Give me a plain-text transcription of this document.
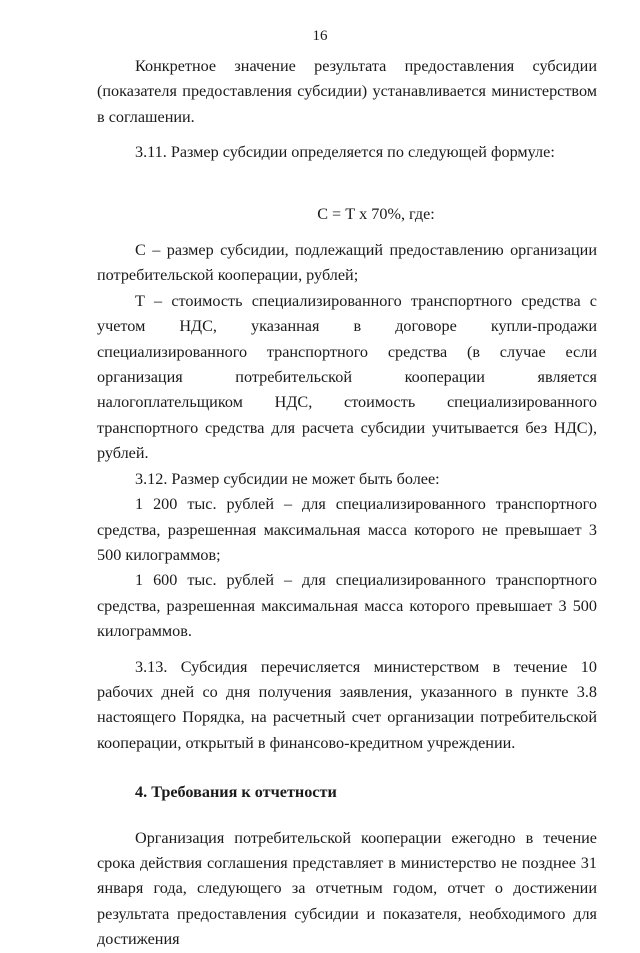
16

Конкретное значение результата предоставления субсидии (показателя предоставления субсидии) устанавливается министерством в соглашении.

3.11. Размер субсидии определяется по следующей формуле:

С = Т х 70%, где:

С – размер субсидии, подлежащий предоставлению организации потребительской кооперации, рублей;

Т – стоимость специализированного транспортного средства с учетом НДС, указанная в договоре купли-продажи специализированного транспортного средства (в случае если организация потребительской кооперации является налогоплательщиком НДС, стоимость специализированного транспортного средства для расчета субсидии учитывается без НДС), рублей.

3.12. Размер субсидии не может быть более:

1 200 тыс. рублей – для специализированного транспортного средства, разрешенная максимальная масса которого не превышает 3 500 килограммов;

1 600 тыс. рублей – для специализированного транспортного средства, разрешенная максимальная масса которого превышает 3 500 килограммов.

3.13. Субсидия перечисляется министерством в течение 10 рабочих дней со дня получения заявления, указанного в пункте 3.8 настоящего Порядка, на расчетный счет организации потребительской кооперации, открытый в финансово-кредитном учреждении.

4. Требования к отчетности

Организация потребительской кооперации ежегодно в течение срока действия соглашения представляет в министерство не позднее 31 января года, следующего за отчетным годом, отчет о достижении результата предоставления субсидии и показателя, необходимого для достижения
